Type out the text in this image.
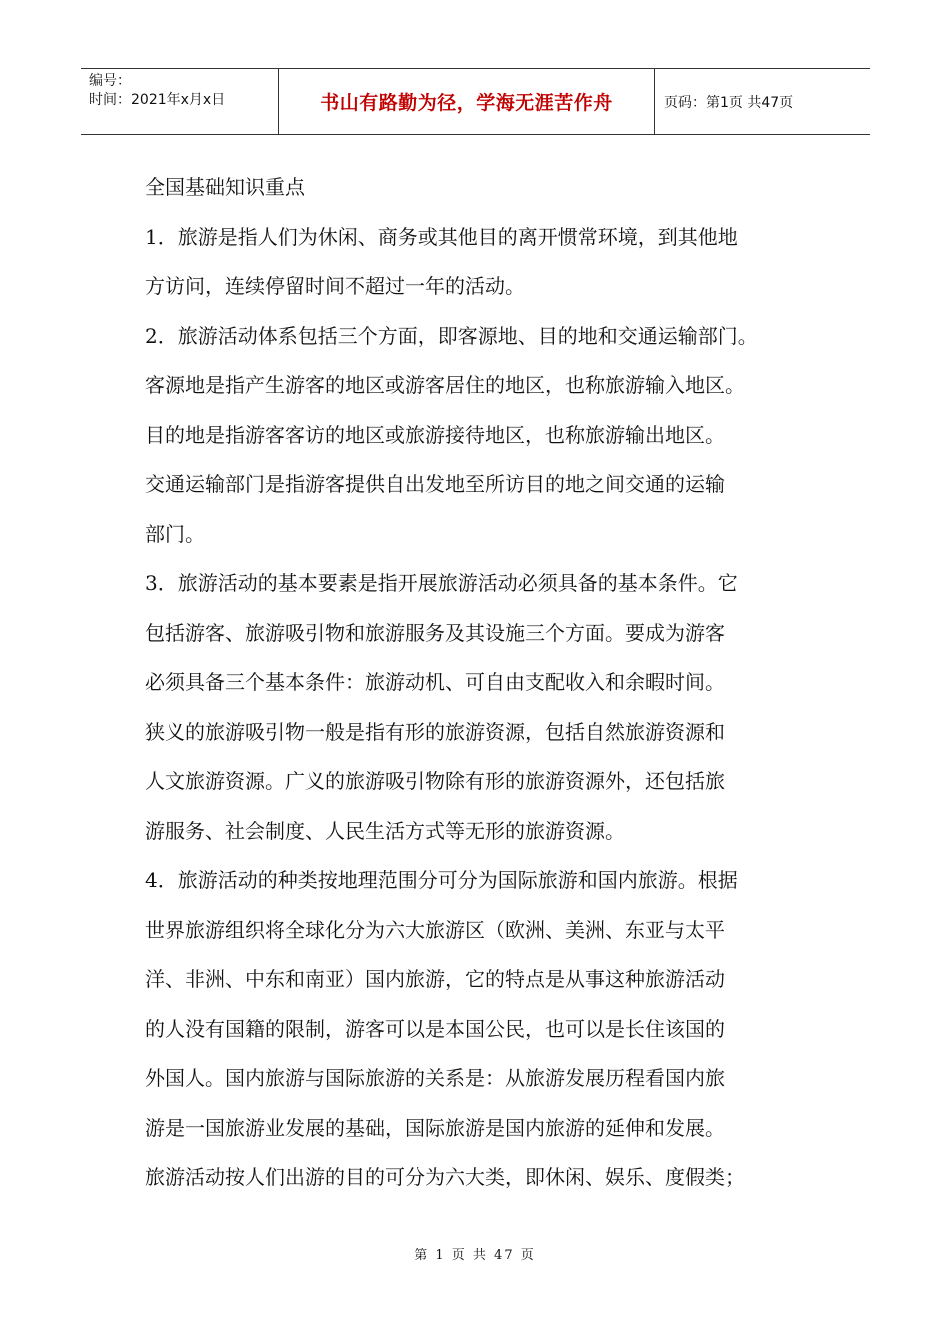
编号：
时间：2021年x月x日	书山有路勤为径，学海无涯苦作舟	页码：第1页 共47页

全国基础知识重点

1．旅游是指人们为休闲、商务或其他目的离开惯常环境，到其他地

方访问，连续停留时间不超过一年的活动。

2．旅游活动体系包括三个方面，即客源地、目的地和交通运输部门。

客源地是指产生游客的地区或游客居住的地区，也称旅游输入地区。

目的地是指游客客访的地区或旅游接待地区，也称旅游输出地区。

交通运输部门是指游客提供自出发地至所访目的地之间交通的运输

部门。

3．旅游活动的基本要素是指开展旅游活动必须具备的基本条件。它

包括游客、旅游吸引物和旅游服务及其设施三个方面。要成为游客

必须具备三个基本条件：旅游动机、可自由支配收入和余暇时间。

狭义的旅游吸引物一般是指有形的旅游资源，包括自然旅游资源和

人文旅游资源。广义的旅游吸引物除有形的旅游资源外，还包括旅

游服务、社会制度、人民生活方式等无形的旅游资源。

4．旅游活动的种类按地理范围分可分为国际旅游和国内旅游。根据

世界旅游组织将全球化分为六大旅游区（欧洲、美洲、东亚与太平

洋、非洲、中东和南亚）国内旅游，它的特点是从事这种旅游活动

的人没有国籍的限制，游客可以是本国公民，也可以是长住该国的

外国人。国内旅游与国际旅游的关系是：从旅游发展历程看国内旅

游是一国旅游业发展的基础，国际旅游是国内旅游的延伸和发展。

旅游活动按人们出游的目的可分为六大类，即休闲、娱乐、度假类；

第 1 页 共 47 页
